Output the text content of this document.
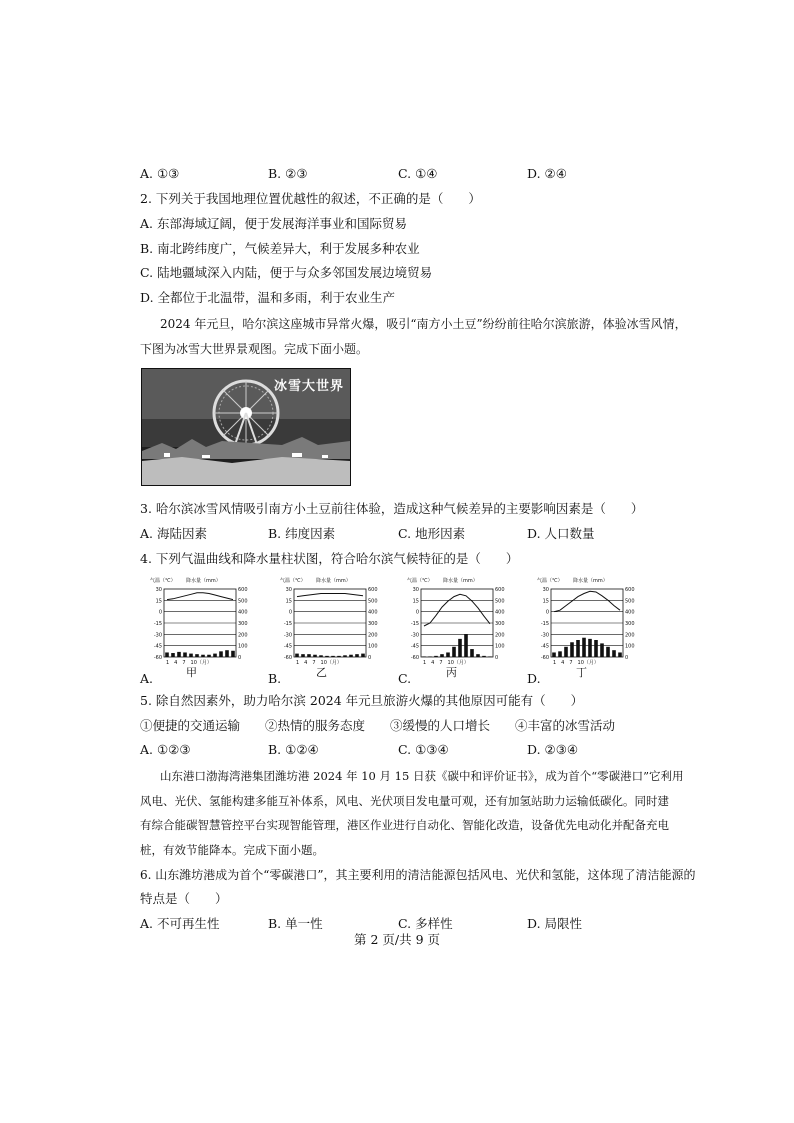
A. ①③	B. ②③	C. ①④	D. ②④
2. 下列关于我国地理位置优越性的叙述，不正确的是（　　）
A. 东部海域辽阔，便于发展海洋事业和国际贸易
B. 南北跨纬度广，气候差异大，利于发展多种农业
C. 陆地疆域深入内陆，便于与众多邻国发展边境贸易
D. 全都位于北温带，温和多雨，利于农业生产
2024 年元旦，哈尔滨这座城市异常火爆，吸引“南方小土豆”纷纷前往哈尔滨旅游，体验冰雪风情，
下图为冰雪大世界景观图。完成下面小题。
冰雪大世界
3. 哈尔滨冰雪风情吸引南方小土豆前往体验，造成这种气候差异的主要影响因素是（　　）
A. 海陆因素	B. 纬度因素	C. 地形因素	D. 人口数量
4. 下列气温曲线和降水量柱状图，符合哈尔滨气候特征的是（　　）
气温（℃） 降水量（mm）
30	600
15	500
0	400
-15	300
-30	200
-45	100
-60	0
1　4　7　10（月）
气温（℃） 降水量（mm）
30	600
15	500
0	400
-15	300
-30	200
-45	100
-60	0
1　4　7　10（月）
气温（℃） 降水量（mm）
30	600
15	500
0	400
-15	300
-30	200
-45	100
-60	0
1　4　7　10（月）
气温（℃） 降水量（mm）
30	600
15	500
0	400
-15	300
-30	200
-45	100
-60	0
1　4　7　10（月）
A.	B.	C.	D.
甲	乙	丙	丁
5. 除自然因素外，助力哈尔滨 2024 年元旦旅游火爆的其他原因可能有（　　）
①便捷的交通运输　　②热情的服务态度　　③缓慢的人口增长　　④丰富的冰雪活动
A. ①②③	B. ①②④	C. ①③④	D. ②③④
山东港口渤海湾港集团潍坊港 2024 年 10 月 15 日获《碳中和评价证书》，成为首个“零碳港口”它利用
风电、光伏、氢能构建多能互补体系，风电、光伏项目发电量可观，还有加氢站助力运输低碳化。同时建
有综合能碳智慧管控平台实现智能管理，港区作业进行自动化、智能化改造，设备优先电动化并配备充电
桩，有效节能降本。完成下面小题。
6. 山东潍坊港成为首个“零碳港口”，其主要利用的清洁能源包括风电、光伏和氢能，这体现了清洁能源的
特点是（　　）
A. 不可再生性	B. 单一性	C. 多样性	D. 局限性
第 2 页/共 9 页
